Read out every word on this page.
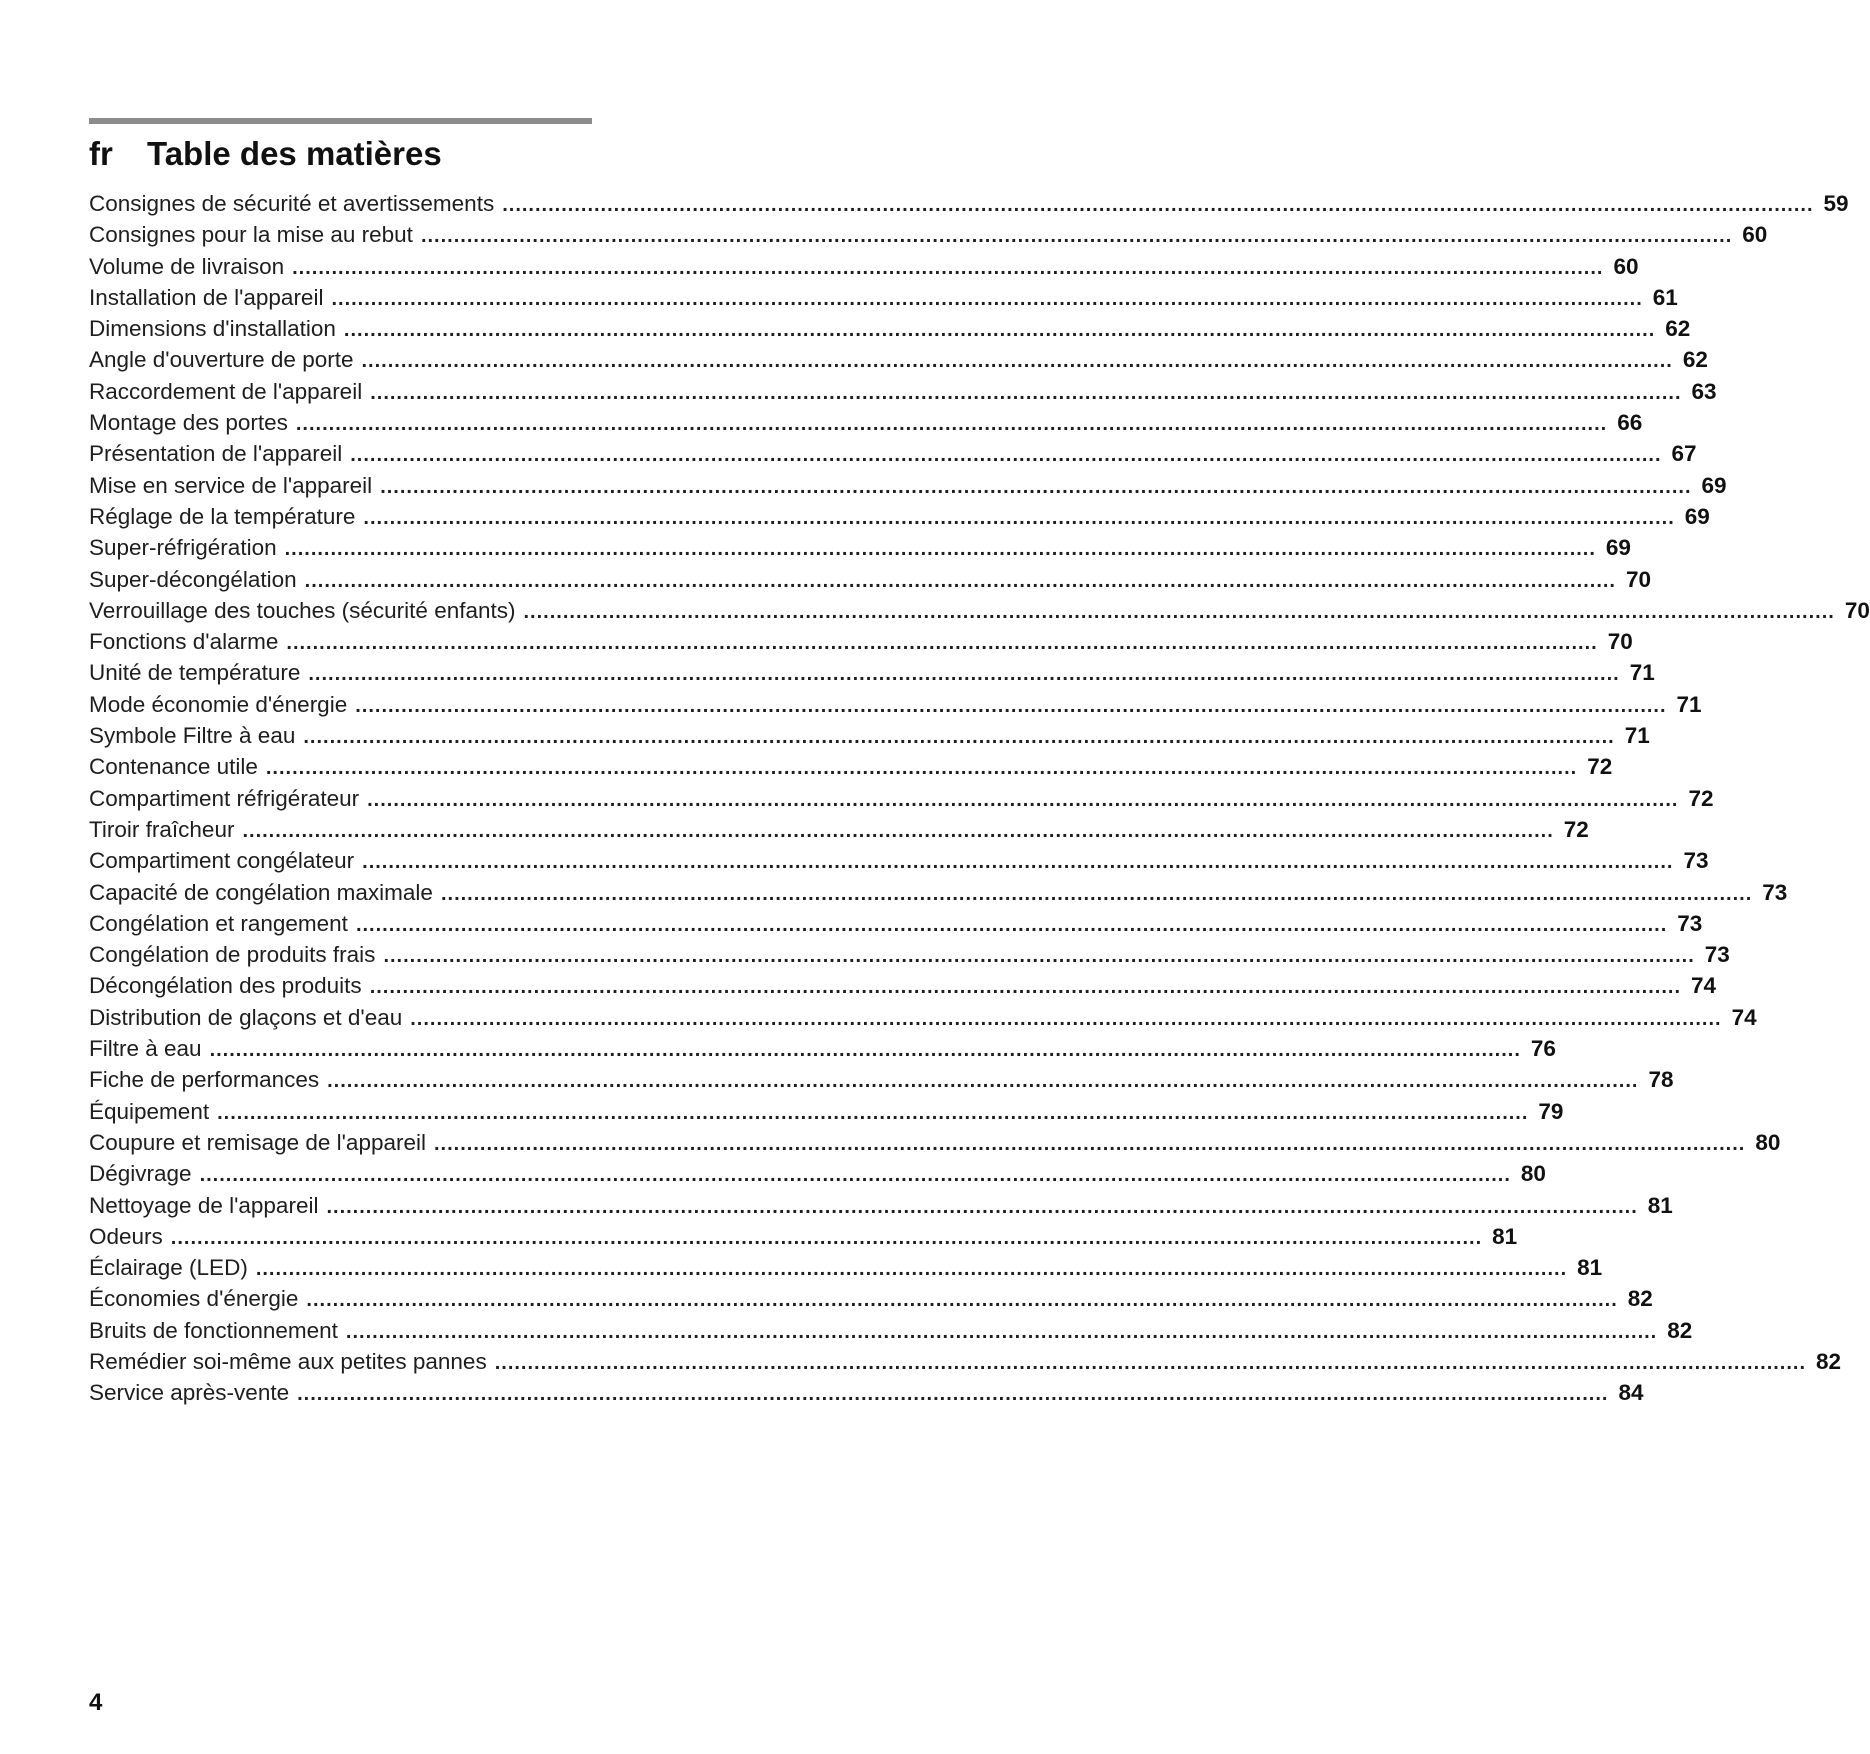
fr	Table des matières
Consignes de sécurité et avertissements ........................................................................................................................................................................................................ 59
Consignes pour la mise au rebut ........................................................................................................................................................................................................ 60
Volume de livraison ........................................................................................................................................................................................................ 60
Installation de l'appareil ........................................................................................................................................................................................................ 61
Dimensions d'installation ........................................................................................................................................................................................................ 62
Angle d'ouverture de porte ........................................................................................................................................................................................................ 62
Raccordement de l'appareil ........................................................................................................................................................................................................ 63
Montage des portes ........................................................................................................................................................................................................ 66
Présentation de l'appareil ........................................................................................................................................................................................................ 67
Mise en service de l'appareil ........................................................................................................................................................................................................ 69
Réglage de la température ........................................................................................................................................................................................................ 69
Super-réfrigération ........................................................................................................................................................................................................ 69
Super-décongélation ........................................................................................................................................................................................................ 70
Verrouillage des touches (sécurité enfants) ........................................................................................................................................................................................................ 70
Fonctions d'alarme ........................................................................................................................................................................................................ 70
Unité de température ........................................................................................................................................................................................................ 71
Mode économie d'énergie ........................................................................................................................................................................................................ 71
Symbole Filtre à eau ........................................................................................................................................................................................................ 71
Contenance utile ........................................................................................................................................................................................................ 72
Compartiment réfrigérateur ........................................................................................................................................................................................................ 72
Tiroir fraîcheur ........................................................................................................................................................................................................ 72
Compartiment congélateur ........................................................................................................................................................................................................ 73
Capacité de congélation maximale ........................................................................................................................................................................................................ 73
Congélation et rangement ........................................................................................................................................................................................................ 73
Congélation de produits frais ........................................................................................................................................................................................................ 73
Décongélation des produits ........................................................................................................................................................................................................ 74
Distribution de glaçons et d'eau ........................................................................................................................................................................................................ 74
Filtre à eau ........................................................................................................................................................................................................ 76
Fiche de performances ........................................................................................................................................................................................................ 78
Équipement ........................................................................................................................................................................................................ 79
Coupure et remisage de l'appareil ........................................................................................................................................................................................................ 80
Dégivrage ........................................................................................................................................................................................................ 80
Nettoyage de l'appareil ........................................................................................................................................................................................................ 81
Odeurs ........................................................................................................................................................................................................ 81
Éclairage (LED) ........................................................................................................................................................................................................ 81
Économies d'énergie ........................................................................................................................................................................................................ 82
Bruits de fonctionnement ........................................................................................................................................................................................................ 82
Remédier soi-même aux petites pannes ........................................................................................................................................................................................................ 82
Service après-vente ........................................................................................................................................................................................................ 84
4
